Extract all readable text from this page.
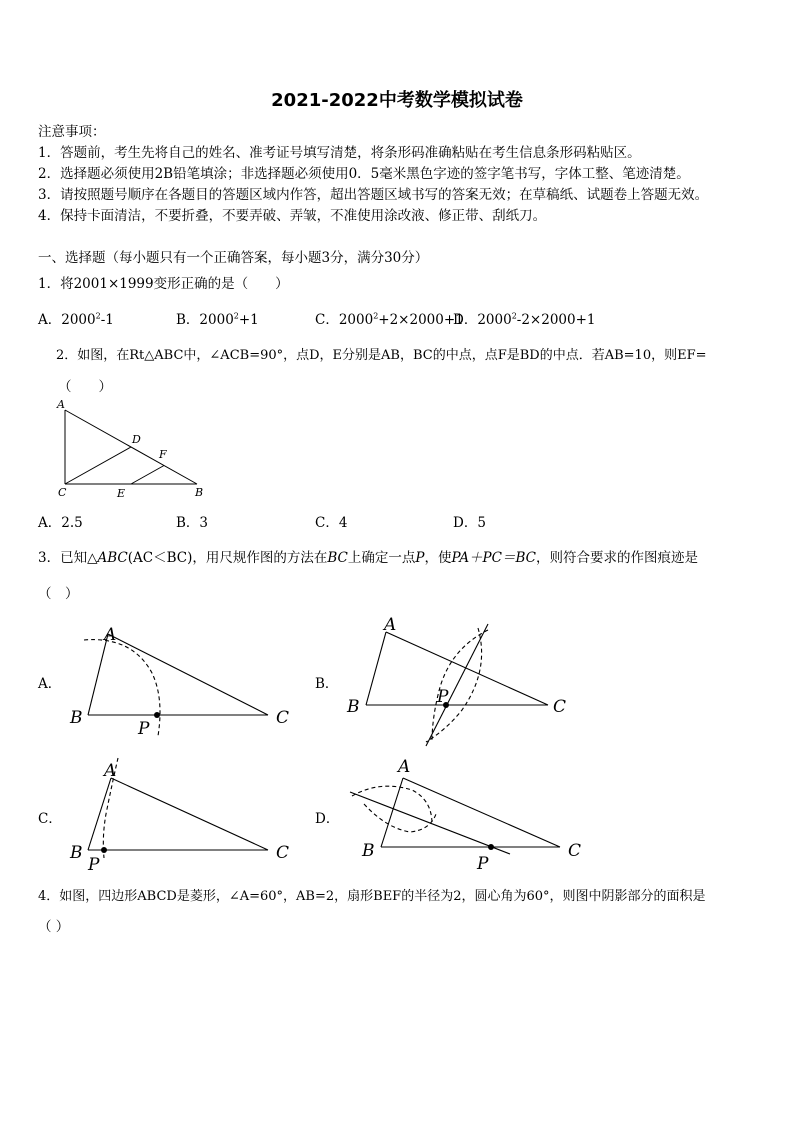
2021-2022中考数学模拟试卷
注意事项：
1．答题前，考生先将自己的姓名、准考证号填写清楚，将条形码准确粘贴在考生信息条形码粘贴区。
2．选择题必须使用2B铅笔填涂；非选择题必须使用0．5毫米黑色字迹的签字笔书写，字体工整、笔迹清楚。
3．请按照题号顺序在各题目的答题区域内作答，超出答题区域书写的答案无效；在草稿纸、试题卷上答题无效。
4．保持卡面清洁，不要折叠，不要弄破、弄皱，不准使用涂改液、修正带、刮纸刀。
一、选择题（每小题只有一个正确答案，每小题3分，满分30分）
1．将2001×1999变形正确的是（　　）
A．2000$^2$-1	B．$2000^2+1$	C．$2000^2+2\times 2000+1$
D．$2000^2-2\times 2000+1$
2．如图，在Rt△ABC中，∠ACB=90°，点D，E分别是AB，BC的中点，点F是BD的中点．若AB=10，则EF=
（　　）
A
D
F
C	E	B
A．2.5	B．3	C．4	D．5
3．已知△ABC(AC＜BC)，用尺规作图的方法在BC上确定一点P，使PA＋PC＝BC，则符合要求的作图痕迹是
（　）
A．
A
B	C
P
B．
A
B	C
P
C．
A
B	C
P
D．
A
B	C
P
4．如图，四边形ABCD是菱形，∠A=60°，AB=2，扇形BEF的半径为2，圆心角为60°，则图中阴影部分的面积是
（ ）
